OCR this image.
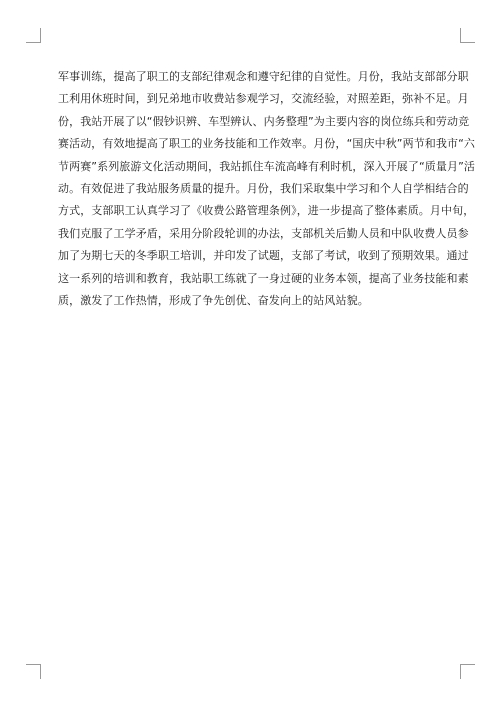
军事训练，提高了职工的支部纪律观念和遵守纪律的自觉性。月份，我站支部部分职
工利用休班时间，到兄弟地市收费站参观学习，交流经验，对照差距，弥补不足。月
份，我站开展了以“假钞识辨、车型辨认、内务整理”为主要内容的岗位练兵和劳动竞
赛活动，有效地提高了职工的业务技能和工作效率。月份，“国庆中秋”两节和我市“六
节两赛”系列旅游文化活动期间，我站抓住车流高峰有利时机，深入开展了“质量月”活
动。有效促进了我站服务质量的提升。月份，我们采取集中学习和个人自学相结合的
方式，支部职工认真学习了《收费公路管理条例》，进一步提高了整体素质。月中旬，
我们克服了工学矛盾，采用分阶段轮训的办法，支部机关后勤人员和中队收费人员参
加了为期七天的冬季职工培训，并印发了试题，支部了考试，收到了预期效果。通过
这一系列的培训和教育，我站职工练就了一身过硬的业务本领，提高了业务技能和素
质，激发了工作热情，形成了争先创优、奋发向上的站风站貌。
